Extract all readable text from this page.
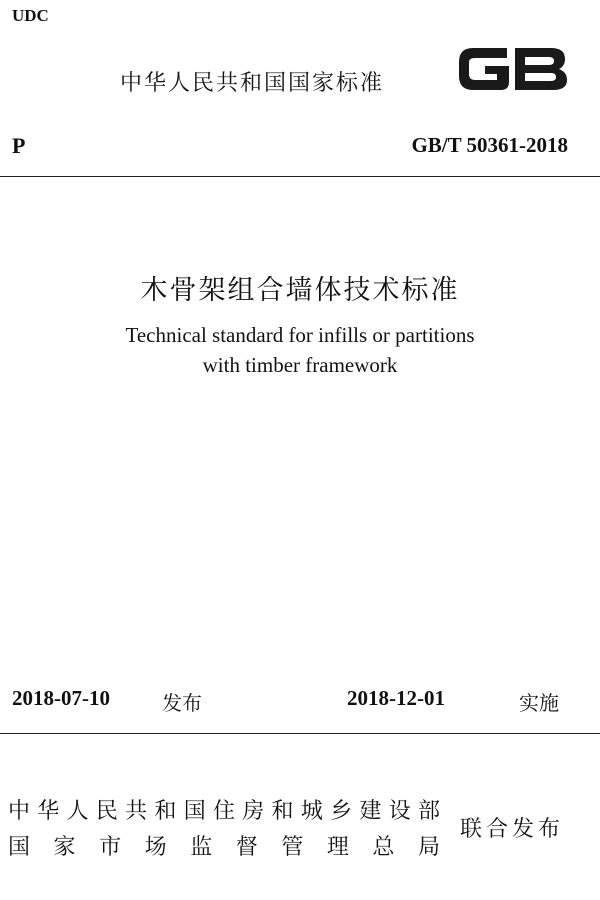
UDC
中华人民共和国国家标准
P	GB/T 50361-2018
木骨架组合墙体技术标准
Technical standard for infills or partitions
with timber framework
2018-07-10	发布	2018-12-01	实施
中华人民共和国住房和城乡建设部
国家市场监督管理总局
联合发布
